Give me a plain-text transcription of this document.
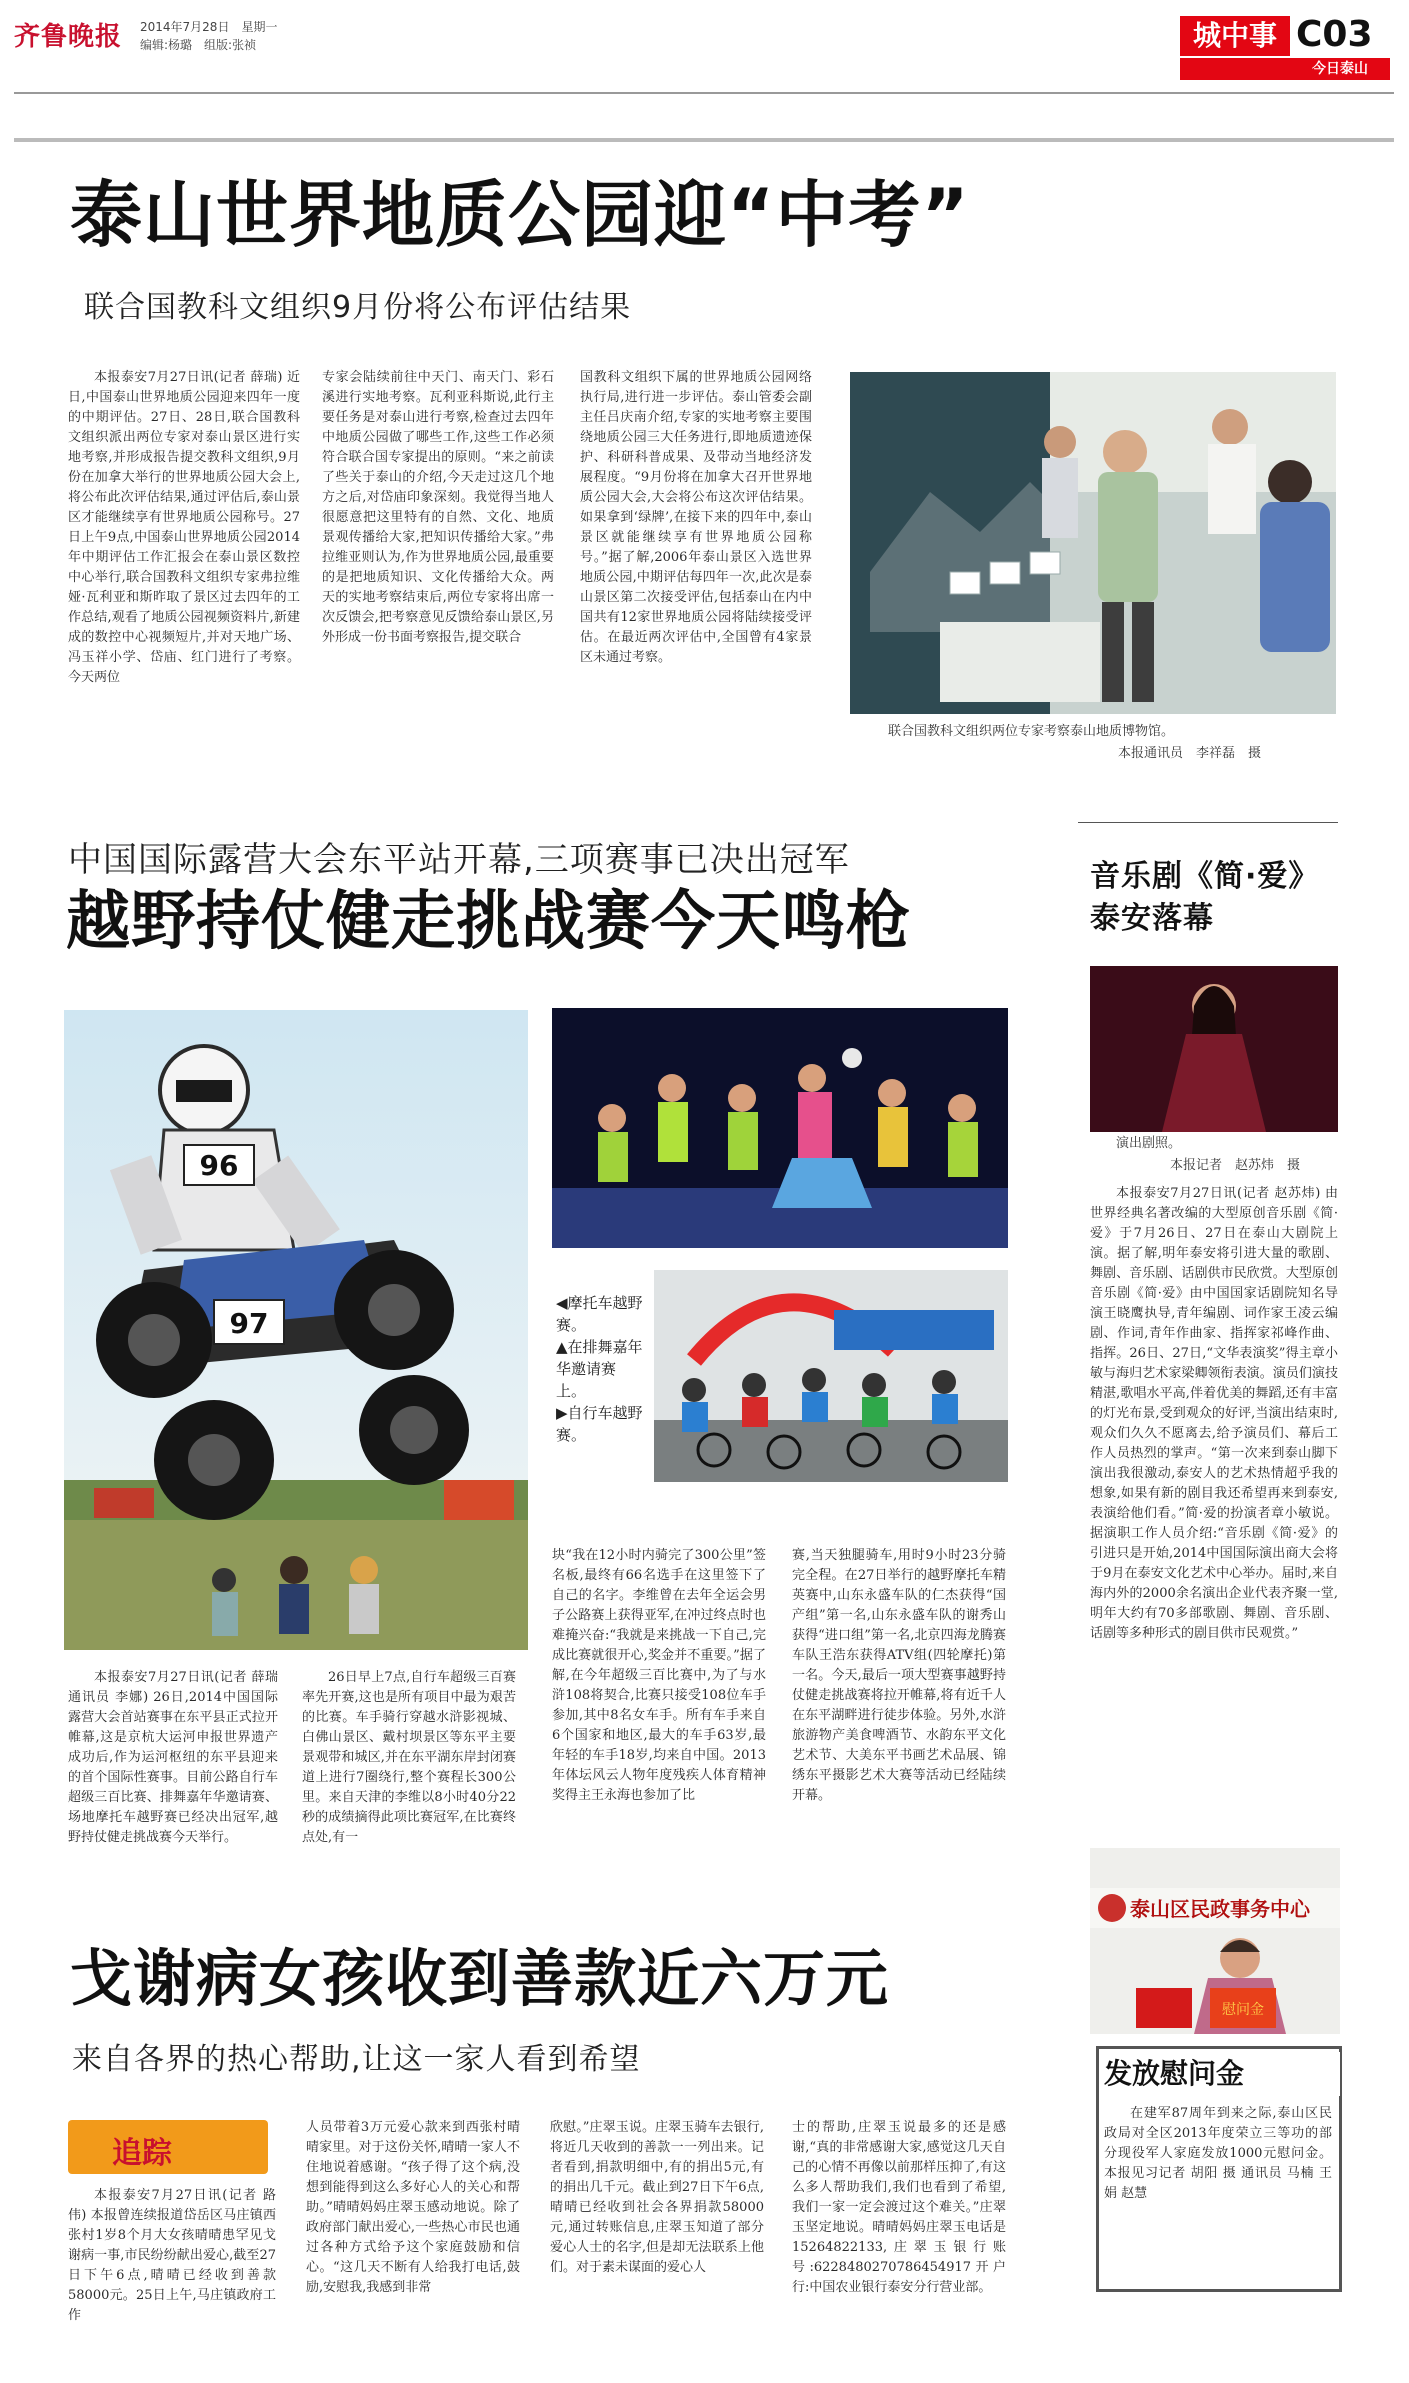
齐鲁晚报 2014年7月28日　星期一
编辑:杨璐　组版:张祯	城中事 C03
今日泰山
泰山世界地质公园迎“中考”
联合国教科文组织9月份将公布评估结果
本报泰安7月27日讯(记者 薛瑞) 近日,中国泰山世界地质公园迎来四年一度的中期评估。27日、28日,联合国教科文组织派出两位专家对泰山景区进行实地考察,并形成报告提交教科文组织,9月份在加拿大举行的世界地质公园大会上,将公布此次评估结果,通过评估后,泰山景区才能继续享有世界地质公园称号。27日上午9点,中国泰山世界地质公园2014年中期评估工作汇报会在泰山景区数控中心举行,联合国教科文组织专家弗拉维娅·瓦利亚和斯昨取了景区过去四年的工作总结,观看了地质公园视频资料片,新建成的数控中心视频短片,并对天地广场、冯玉祥小学、岱庙、红门进行了考察。今天两位
专家会陆续前往中天门、南天门、彩石溪进行实地考察。瓦利亚科斯说,此行主要任务是对泰山进行考察,检查过去四年中地质公园做了哪些工作,这些工作必须符合联合国专家提出的原则。“来之前读了些关于泰山的介绍,今天走过这几个地方之后,对岱庙印象深刻。我觉得当地人很愿意把这里特有的自然、文化、地质景观传播给大家,把知识传播给大家。”弗拉维亚则认为,作为世界地质公园,最重要的是把地质知识、文化传播给大众。两天的实地考察结束后,两位专家将出席一次反馈会,把考察意见反馈给泰山景区,另外形成一份书面考察报告,提交联合
国教科文组织下属的世界地质公园网络执行局,进行进一步评估。泰山管委会副主任吕庆南介绍,专家的实地考察主要围绕地质公园三大任务进行,即地质遗迹保护、科研科普成果、及带动当地经济发展程度。“9月份将在加拿大召开世界地质公园大会,大会将公布这次评估结果。如果拿到‘绿牌’,在接下来的四年中,泰山景区就能继续享有世界地质公园称号。”据了解,2006年泰山景区入选世界地质公园,中期评估每四年一次,此次是泰山景区第二次接受评估,包括泰山在内中国共有12家世界地质公园将陆续接受评估。在最近两次评估中,全国曾有4家景区未通过考察。
联合国教科文组织两位专家考察泰山地质博物馆。
本报通讯员　李祥磊　摄
中国国际露营大会东平站开幕,三项赛事已决出冠军
越野持仗健走挑战赛今天鸣枪
96
97
◀摩托车越野赛。
▲在排舞嘉年华邀请赛上。
▶自行车越野赛。
本报泰安7月27日讯(记者 薛瑞 通讯员 李娜) 26日,2014中国国际露营大会首站赛事在东平县正式拉开帷幕,这是京杭大运河申报世界遗产成功后,作为运河枢纽的东平县迎来的首个国际性赛事。目前公路自行车超级三百比赛、排舞嘉年华邀请赛、场地摩托车越野赛已经决出冠军,越野持仗健走挑战赛今天举行。
26日早上7点,自行车超级三百赛率先开赛,这也是所有项目中最为艰苦的比赛。车手骑行穿越水浒影视城、白佛山景区、戴村坝景区等东平主要景观带和城区,并在东平湖东岸封闭赛道上进行7圈绕行,整个赛程长300公里。来自天津的李维以8小时40分22秒的成绩摘得此项比赛冠军,在比赛终点处,有一
块“我在12小时内骑完了300公里”签名板,最终有66名选手在这里签下了自己的名字。李维曾在去年全运会男子公路赛上获得亚军,在冲过终点时也难掩兴奋:“我就是来挑战一下自己,完成比赛就很开心,奖金并不重要。”据了解,在今年超级三百比赛中,为了与水浒108将契合,比赛只接受108位车手参加,其中8名女车手。所有车手来自6个国家和地区,最大的车手63岁,最年轻的车手18岁,均来自中国。2013年体坛风云人物年度残疾人体育精神奖得主王永海也参加了比
赛,当天独腿骑车,用时9小时23分骑完全程。在27日举行的越野摩托车精英赛中,山东永盛车队的仁杰获得“国产组”第一名,山东永盛车队的谢秀山获得“进口组”第一名,北京四海龙腾赛车队王浩东获得ATV组(四轮摩托)第一名。今天,最后一项大型赛事越野持仗健走挑战赛将拉开帷幕,将有近千人在东平湖畔进行徒步体验。另外,水浒旅游物产美食啤酒节、水韵东平文化艺术节、大美东平书画艺术品展、锦绣东平摄影艺术大赛等活动已经陆续开幕。
音乐剧《简·爱》
泰安落幕
演出剧照。
本报记者　赵苏炜　摄
本报泰安7月27日讯(记者 赵苏炜) 由世界经典名著改编的大型原创音乐剧《简·爱》于7月26日、27日在泰山大剧院上演。据了解,明年泰安将引进大量的歌剧、舞剧、音乐剧、话剧供市民欣赏。大型原创音乐剧《简·爱》由中国国家话剧院知名导演王晓鹰执导,青年编剧、词作家王凌云编剧、作词,青年作曲家、指挥家祁峰作曲、指挥。26日、27日,“文华表演奖”得主章小敏与海归艺术家梁卿领衔表演。演员们演技精湛,歌唱水平高,伴着优美的舞蹈,还有丰富的灯光布景,受到观众的好评,当演出结束时,观众们久久不愿离去,给予演员们、幕后工作人员热烈的掌声。“第一次来到泰山脚下演出我很激动,泰安人的艺术热情超乎我的想象,如果有新的剧目我还希望再来到泰安,表演给他们看。”简·爱的扮演者章小敏说。据演职工作人员介绍:“音乐剧《简·爱》的引进只是开始,2014中国国际演出商大会将于9月在泰安文化艺术中心举办。届时,来自海内外的2000余名演出企业代表齐聚一堂,明年大约有70多部歌剧、舞剧、音乐剧、话剧等多种形式的剧目供市民观赏。”
泰山区民政事务中心
慰问金
发放慰问金
在建军87周年到来之际,泰山区民政局对全区2013年度荣立三等功的部分现役军人家庭发放1000元慰问金。本报见习记者 胡阳 摄 通讯员 马楠 王娟 赵慧
戈谢病女孩收到善款近六万元
来自各界的热心帮助,让这一家人看到希望
追踪
本报泰安7月27日讯(记者 路伟) 本报曾连续报道岱岳区马庄镇西张村1岁8个月大女孩晴晴患罕见戈谢病一事,市民纷纷献出爱心,截至27日下午6点,晴晴已经收到善款58000元。25日上午,马庄镇政府工作
人员带着3万元爱心款来到西张村晴晴家里。对于这份关怀,晴晴一家人不住地说着感谢。“孩子得了这个病,没想到能得到这么多好心人的关心和帮助。”晴晴妈妈庄翠玉感动地说。除了政府部门献出爱心,一些热心市民也通过各种方式给予这个家庭鼓励和信心。“这几天不断有人给我打电话,鼓励,安慰我,我感到非常
欣慰。”庄翠玉说。庄翠玉骑车去银行,将近几天收到的善款一一列出来。记者看到,捐款明细中,有的捐出5元,有的捐出几千元。截止到27日下午6点,晴晴已经收到社会各界捐款58000元,通过转账信息,庄翠玉知道了部分爱心人士的名字,但是却无法联系上他们。对于素未谋面的爱心人
士的帮助,庄翠玉说最多的还是感谢,“真的非常感谢大家,感觉这几天自己的心情不再像以前那样压抑了,有这么多人帮助我们,我们也看到了希望,我们一家一定会渡过这个难关。”庄翠玉坚定地说。晴晴妈妈庄翠玉电话是15264822133,庄翠玉银行账号:6228480270786454917开户行:中国农业银行泰安分行营业部。
